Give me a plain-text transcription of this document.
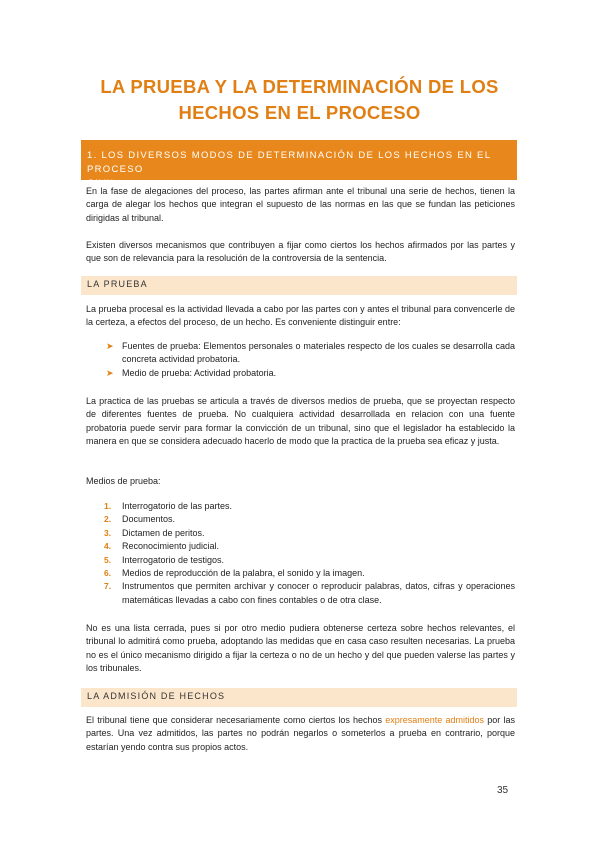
LA PRUEBA Y LA DETERMINACIÓN DE LOS
HECHOS EN EL PROCESO
1. LOS DIVERSOS MODOS DE DETERMINACIÓN DE LOS HECHOS EN EL PROCESO
CIVIL

En la fase de alegaciones del proceso, las partes afirman ante el tribunal una serie de hechos, tienen la carga de alegar los hechos que integran el supuesto de las normas en las que se fundan las peticiones dirigidas al tribunal.

Existen diversos mecanismos que contribuyen a fijar como ciertos los hechos afirmados por las partes y que son de relevancia para la resolución de la controversia de la sentencia.

LA PRUEBA

La prueba procesal es la actividad llevada a cabo por las partes con y antes el tribunal para convencerle de la certeza, a efectos del proceso, de un hecho. Es conveniente distinguir entre:

➤ Fuentes de prueba: Elementos personales o materiales respecto de los cuales se desarrolla cada concreta actividad probatoria.
➤ Medio de prueba: Actividad probatoria.

La practica de las pruebas se articula a través de diversos medios de prueba, que se proyectan respecto de diferentes fuentes de prueba. No cualquiera actividad desarrollada en relacion con una fuente probatoria puede servir para formar la convicción de un tribunal, sino que el legislador ha establecido la manera en que se considera adecuado hacerlo de modo que la practica de la prueba sea eficaz y justa.

Medios de prueba:

1. Interrogatorio de las partes.
2. Documentos.
3. Dictamen de peritos.
4. Reconocimiento judicial.
5. Interrogatorio de testigos.
6. Medios de reproducción de la palabra, el sonido y la imagen.
7. Instrumentos que permiten archivar y conocer o reproducir palabras, datos, cifras y operaciones matemáticas llevadas a cabo con fines contables o de otra clase.

No es una lista cerrada, pues si por otro medio pudiera obtenerse certeza sobre hechos relevantes, el tribunal lo admitirá como prueba, adoptando las medidas que en casa caso resulten necesarias. La prueba no es el único mecanismo dirigido a fijar la certeza o no de un hecho y del que pueden valerse las partes y los tribunales.

LA ADMISIÓN DE HECHOS

El tribunal tiene que considerar necesariamente como ciertos los hechos expresamente admitidos por las partes. Una vez admitidos, las partes no podrán negarlos o someterlos a prueba en contrario, porque estarían yendo contra sus propios actos.

35
